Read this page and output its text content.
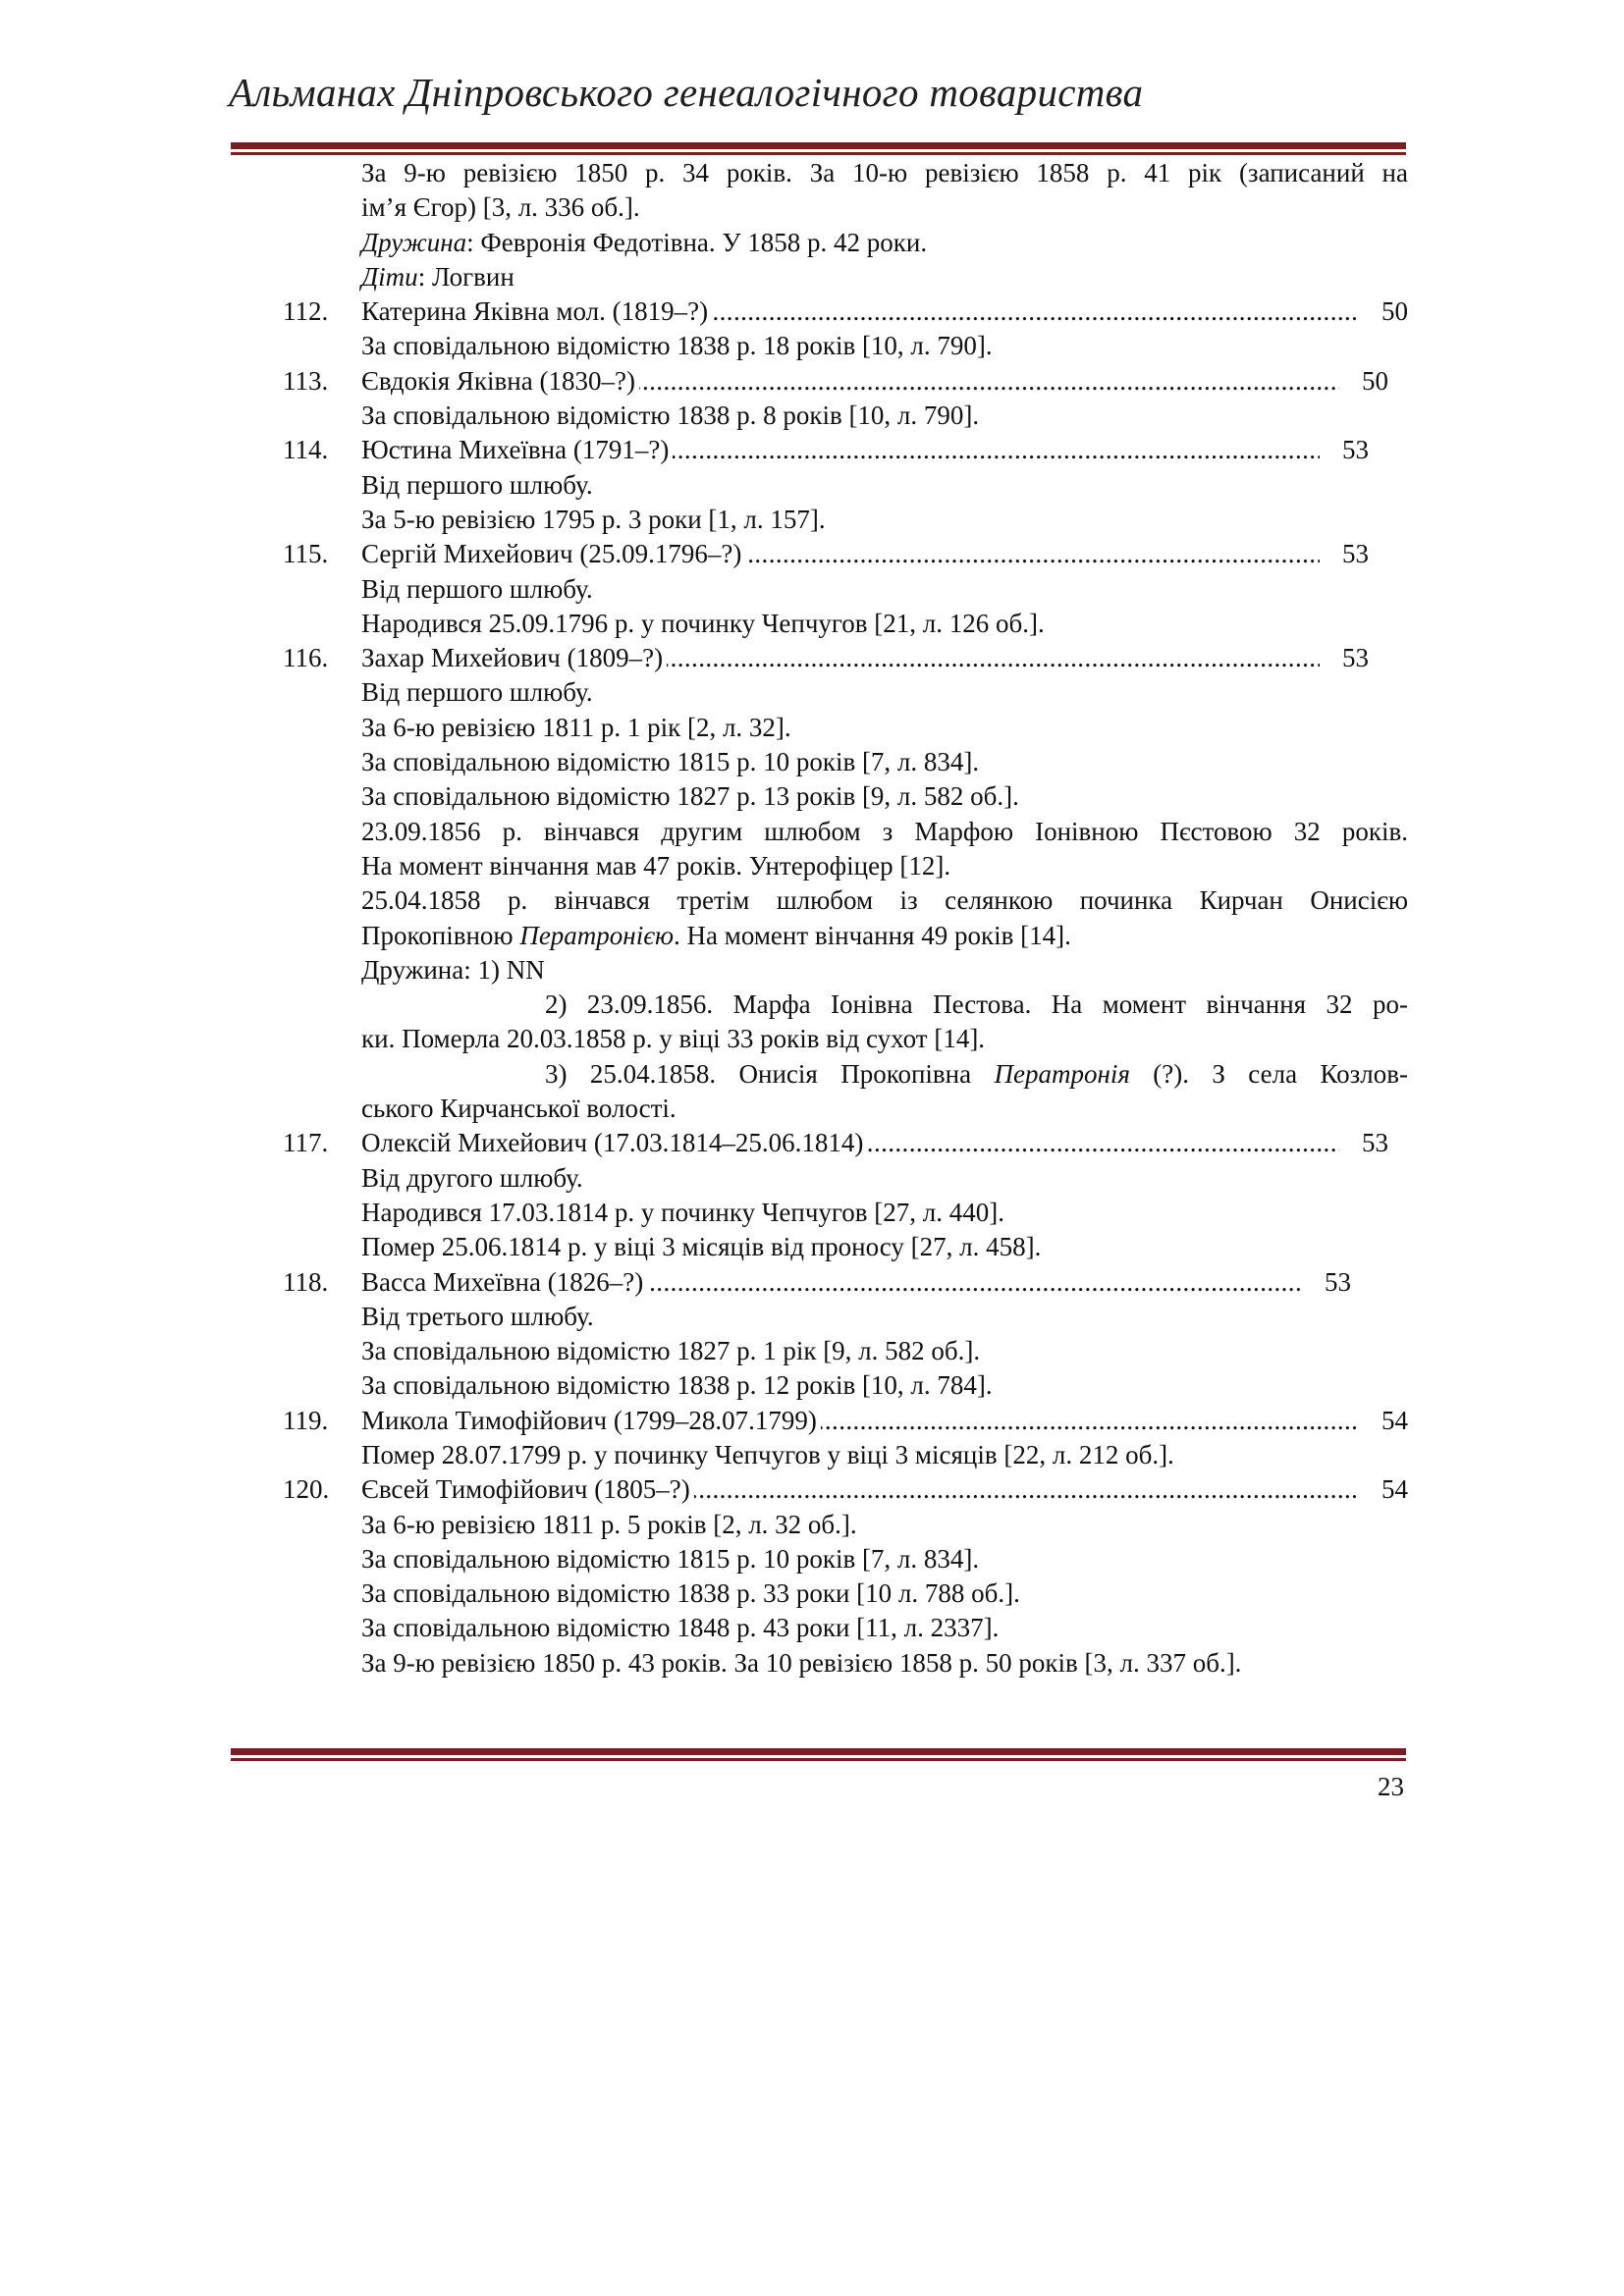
Альманах Дніпровського генеалогічного товариства
За 9-ю ревізією 1850 р. 34 років. За 10-ю ревізією 1858 р. 41 рік (записаний на
ім’я Єгор) [3, л. 336 об.].
Дружина: Февронія Федотівна. У 1858 р. 42 роки.
Діти: Логвин
112. .....	Катерина Яківна мол. (1819–?)	50
За сповідальною відомістю 1838 р. 18 років [10, л. 790].
113. .....	Євдокія Яківна (1830–?)	50
За сповідальною відомістю 1838 р. 8 років [10, л. 790].
114. .....	Юстина Михеївна (1791–?)	53
Від першого шлюбу.
За 5-ю ревізією 1795 р. 3 роки [1, л. 157].
115. .....	Сергій Михейович (25.09.1796–?)	53
Від першого шлюбу.
Народився 25.09.1796 р. у починку Чепчугов [21, л. 126 об.].
116. .....	Захар Михейович (1809–?)	53
Від першого шлюбу.
За 6-ю ревізією 1811 р. 1 рік [2, л. 32].
За сповідальною відомістю 1815 р. 10 років [7, л. 834].
За сповідальною відомістю 1827 р. 13 років [9, л. 582 об.].
23.09.1856 р. вінчався другим шлюбом з Марфою Іонівною Пєстовою 32 років.
На момент вінчання мав 47 років. Унтерофіцер [12].
25.04.1858 р. вінчався третім шлюбом із селянкою починка Кирчан Онисією
Прокопівною Пepатронією. На момент вінчання 49 років [14].
Дружина: 1) NN
2) 23.09.1856. Марфа Іонівна Пестова. На момент вінчання 32 ро-
ки. Померла 20.03.1858 р. у віці 33 років від сухот [14].
3) 25.04.1858. Онисія Прокопівна Пepатронія (?). З села Козлов-
ського Кирчанської волості.
117. .....	Олексій Михейович (17.03.1814–25.06.1814)	53
Від другого шлюбу.
Народився 17.03.1814 р. у починку Чепчугов [27, л. 440].
Помер 25.06.1814 р. у віці 3 місяців від проносу [27, л. 458].
118. .....	Васса Михеївна (1826–?)	53
Від третього шлюбу.
За сповідальною відомістю 1827 р. 1 рік [9, л. 582 об.].
За сповідальною відомістю 1838 р. 12 років [10, л. 784].
119. .....	Микола Тимофійович (1799–28.07.1799)	54
Помер 28.07.1799 р. у починку Чепчугов у віці 3 місяців [22, л. 212 об.].
120. .....	Євсей Тимофійович (1805–?)	54
За 6-ю ревізією 1811 р. 5 років [2, л. 32 об.].
За сповідальною відомістю 1815 р. 10 років [7, л. 834].
За сповідальною відомістю 1838 р. 33 роки [10 л. 788 об.].
За сповідальною відомістю 1848 р. 43 роки [11, л. 2337].
За 9-ю ревізією 1850 р. 43 років. За 10 ревізією 1858 р. 50 років [3, л. 337 об.].
23
